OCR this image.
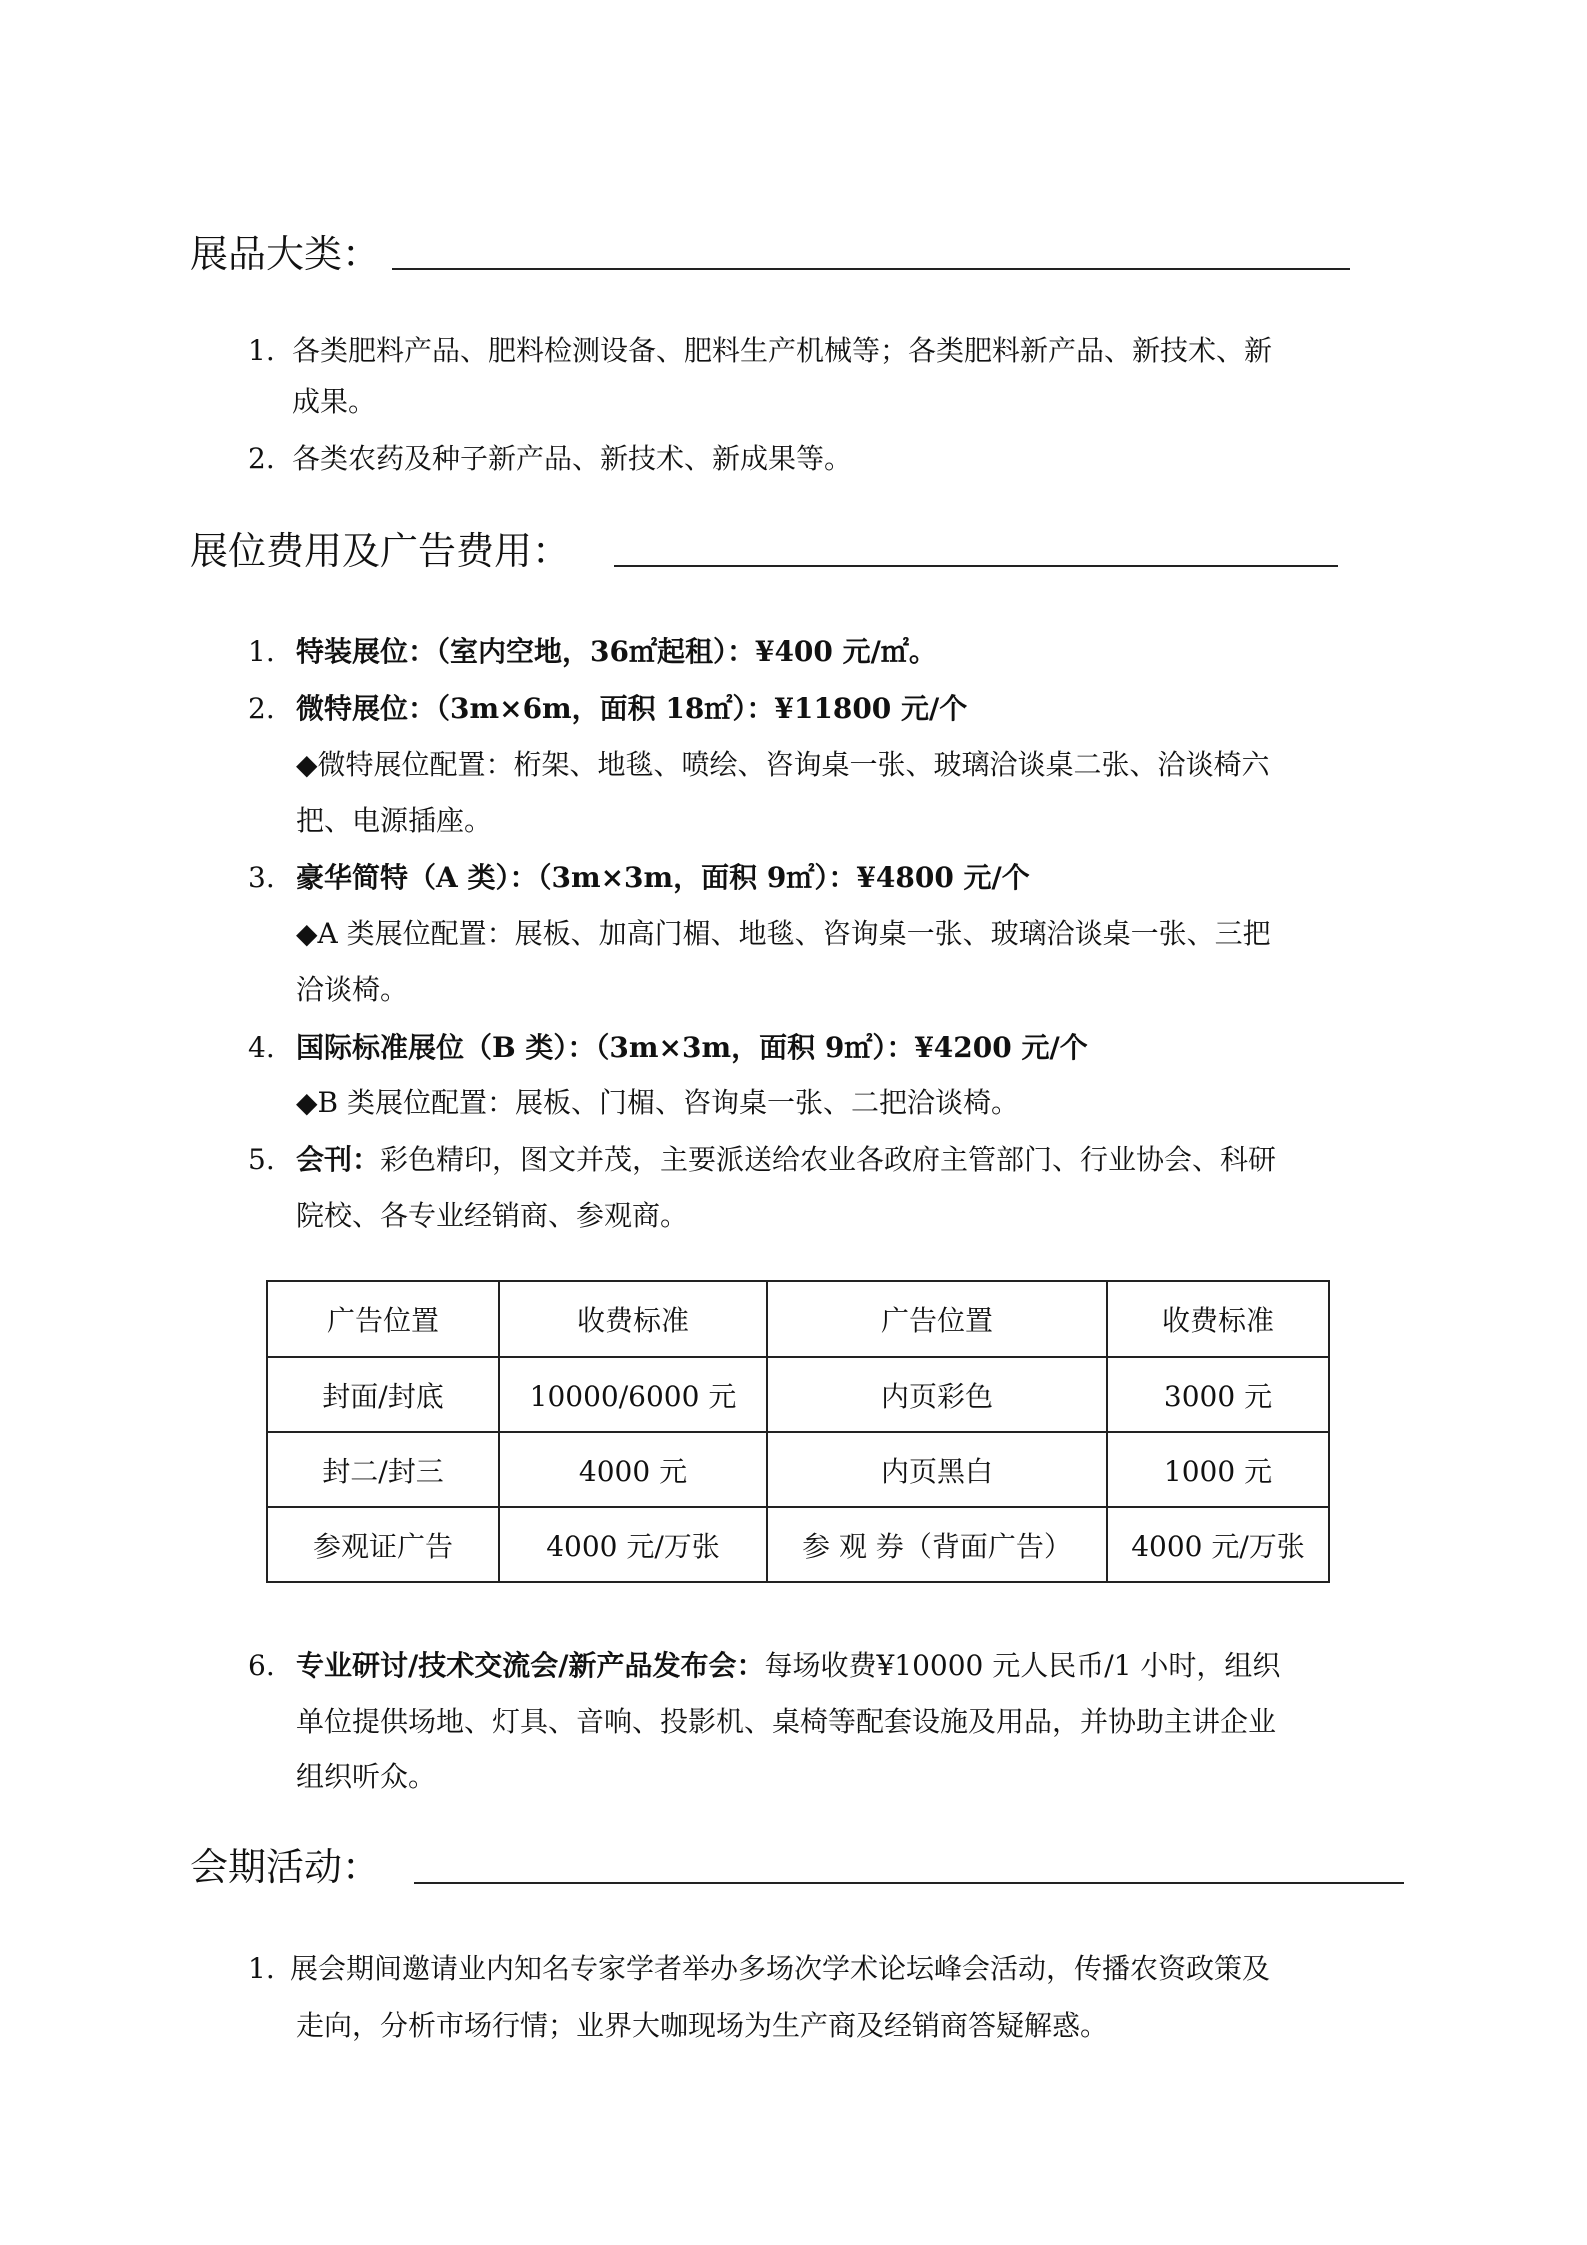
展品大类：
1. 各类肥料产品、肥料检测设备、肥料生产机械等；各类肥料新产品、新技术、新
成果。
2. 各类农药及种子新产品、新技术、新成果等。
展位费用及广告费用：
1. 特装展位：（室内空地，36㎡起租）：¥400 元/㎡。
2. 微特展位：（3m×6m，面积 18㎡）：¥11800 元/个
◆微特展位配置：桁架、地毯、喷绘、咨询桌一张、玻璃洽谈桌二张、洽谈椅六
把、电源插座。
3. 豪华简特（A 类）：（3m×3m，面积 9㎡）：¥4800 元/个
◆A 类展位配置：展板、加高门楣、地毯、咨询桌一张、玻璃洽谈桌一张、三把
洽谈椅。
4. 国际标准展位（B 类）：（3m×3m，面积 9㎡）：¥4200 元/个
◆B 类展位配置：展板、门楣、咨询桌一张、二把洽谈椅。
5. 会刊：彩色精印，图文并茂，主要派送给农业各政府主管部门、行业协会、科研
院校、各专业经销商、参观商。
广告位置	收费标准	广告位置	收费标准
封面/封底	10000/6000 元	内页彩色	3000 元
封二/封三	4000 元	内页黑白	1000 元
参观证广告	4000 元/万张	参 观 券（背面广告）	4000 元/万张
6. 专业研讨/技术交流会/新产品发布会：每场收费¥10000 元人民币/1 小时，组织
单位提供场地、灯具、音响、投影机、桌椅等配套设施及用品，并协助主讲企业
组织听众。
会期活动：
1. 展会期间邀请业内知名专家学者举办多场次学术论坛峰会活动，传播农资政策及
走向，分析市场行情；业界大咖现场为生产商及经销商答疑解惑。
